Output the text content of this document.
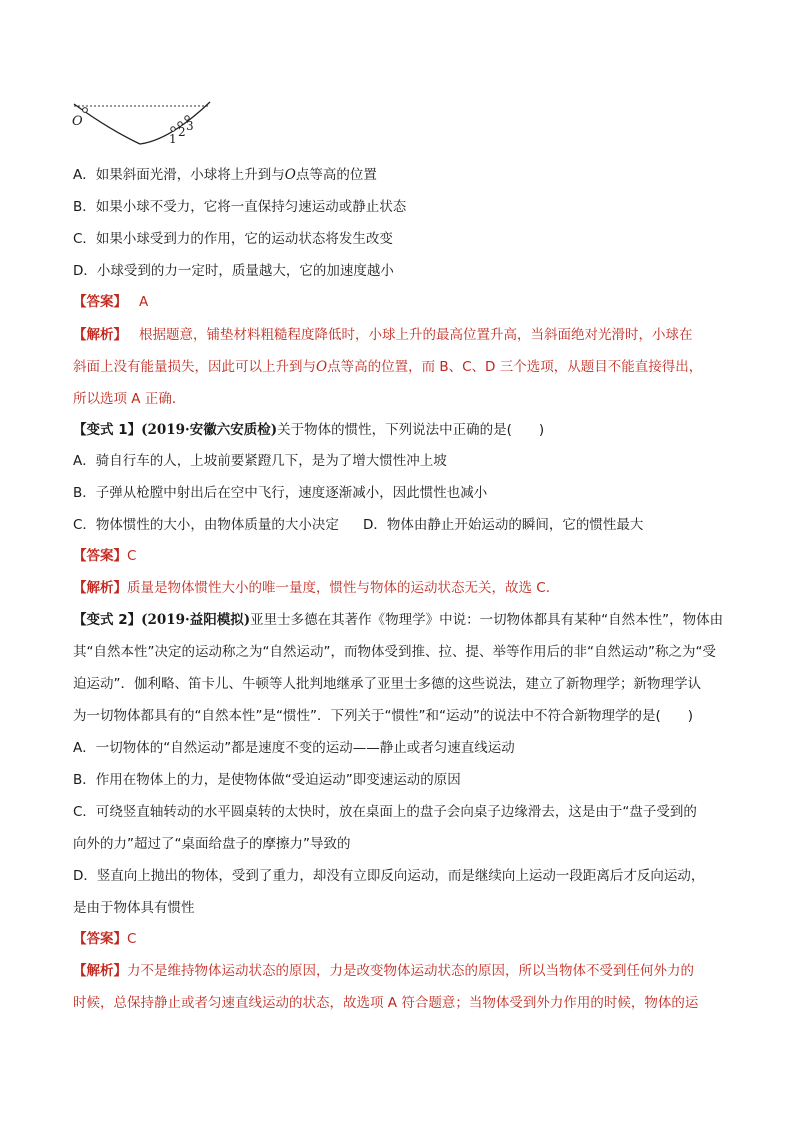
O
1 2 3
A．如果斜面光滑，小球将上升到与O点等高的位置
B．如果小球不受力，它将一直保持匀速运动或静止状态
C．如果小球受到力的作用，它的运动状态将发生改变
D．小球受到的力一定时，质量越大，它的加速度越小
【答案】 A
【解析】 根据题意，铺垫材料粗糙程度降低时，小球上升的最高位置升高，当斜面绝对光滑时，小球在
斜面上没有能量损失，因此可以上升到与O点等高的位置，而 B、C、D 三个选项，从题目不能直接得出，
所以选项 A 正确．
【变式 1】(2019·安徽六安质检)关于物体的惯性，下列说法中正确的是(　　)
A．骑自行车的人，上坡前要紧蹬几下，是为了增大惯性冲上坡
B．子弹从枪膛中射出后在空中飞行，速度逐渐减小，因此惯性也减小
C．物体惯性的大小，由物体质量的大小决定 D．物体由静止开始运动的瞬间，它的惯性最大
【答案】C
【解析】质量是物体惯性大小的唯一量度，惯性与物体的运动状态无关，故选 C.
【变式 2】(2019·益阳模拟)亚里士多德在其著作《物理学》中说：一切物体都具有某种“自然本性”，物体由
其“自然本性”决定的运动称之为“自然运动”，而物体受到推、拉、提、举等作用后的非“自然运动”称之为“受
迫运动”．伽利略、笛卡儿、牛顿等人批判地继承了亚里士多德的这些说法，建立了新物理学；新物理学认
为一切物体都具有的“自然本性”是“惯性”．下列关于“惯性”和“运动”的说法中不符合新物理学的是(　　)
A．一切物体的“自然运动”都是速度不变的运动——静止或者匀速直线运动
B．作用在物体上的力，是使物体做“受迫运动”即变速运动的原因
C．可绕竖直轴转动的水平圆桌转的太快时，放在桌面上的盘子会向桌子边缘滑去，这是由于“盘子受到的
向外的力”超过了“桌面给盘子的摩擦力”导致的
D．竖直向上抛出的物体，受到了重力，却没有立即反向运动，而是继续向上运动一段距离后才反向运动，
是由于物体具有惯性
【答案】C
【解析】力不是维持物体运动状态的原因，力是改变物体运动状态的原因，所以当物体不受到任何外力的
时候，总保持静止或者匀速直线运动的状态，故选项 A 符合题意；当物体受到外力作用的时候，物体的运
